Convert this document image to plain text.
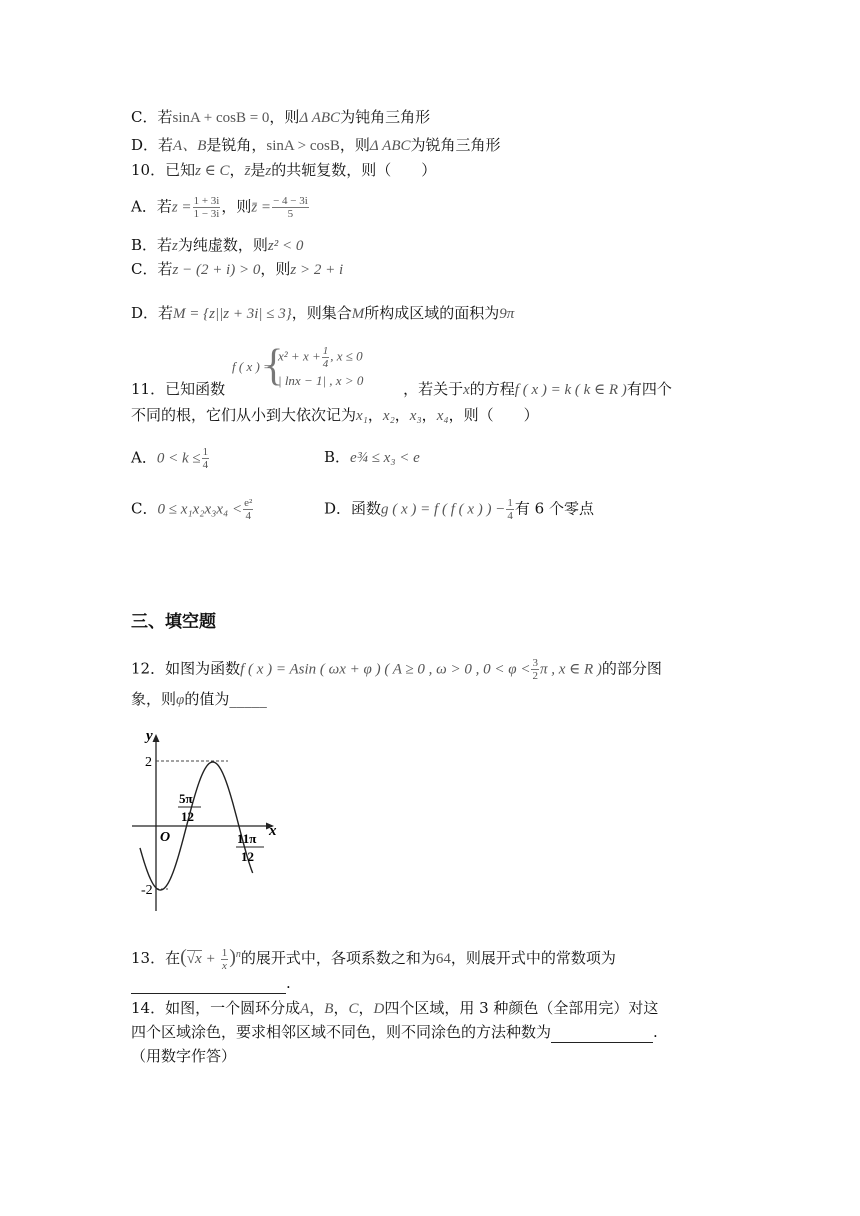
C．若sinA + cosB = 0，则Δ ABC为钝角三角形
D．若A、B是锐角，sinA > cosB，则Δ ABC为锐角三角形
10．已知z ∈ C，z̄是z的共轭复数，则（　　）
A．若$z = \frac{1 + 3i}{1 - 3i}$ ，则z̄ = $\frac{- 4 - 3i}{5}$
B．若z为纯虚数，则z² < 0
C．若z − (2 + i) > 0，则z > 2 + i
D．若M = {z||z + 3i| ≤ 3}，则集合M所构成区域的面积为9π
f ( x ) =
{
$x^2 + x + \frac{1}{4}$ , x ≤ 0
| lnx − 1| , x > 0
11．已知函数	，若关于x的方程f ( x ) = k ( k ∈ R )有四个
不同的根，它们从小到大依次记为x₁，x₂，x₃，x₄，则（　　）
A．$0 < k \le \frac{1}{4}$	B．e¾ ≤ x₃ < e
C．$0 \le x_1x_2x_3x_4 < \frac{\text{e²}}{4}$	D．函数g ( x ) = f ( f ( x ) ) − $\frac{1}{4}$ 有 6 个零点
三、填空题
12．如图为函数f ( x ) = Asin ( ωx + φ ) ( A ≥ 0 , ω > 0 , $0 < \varphi < \frac{3}{2}$ π , x ∈ R )的部分图
象，则φ的值为_____
y
x
O
2
-2
5π
12
11π
12
13．在$(√x + \frac{1}{x} )^n$的展开式中，各项系数之和为64，则展开式中的常数项为
.
14．如图，一个圆环分成A，B，C，D四个区域，用 3 种颜色（全部用完）对这
四个区域涂色，要求相邻区域不同色，则不同涂色的方法种数为	.
（用数字作答）
